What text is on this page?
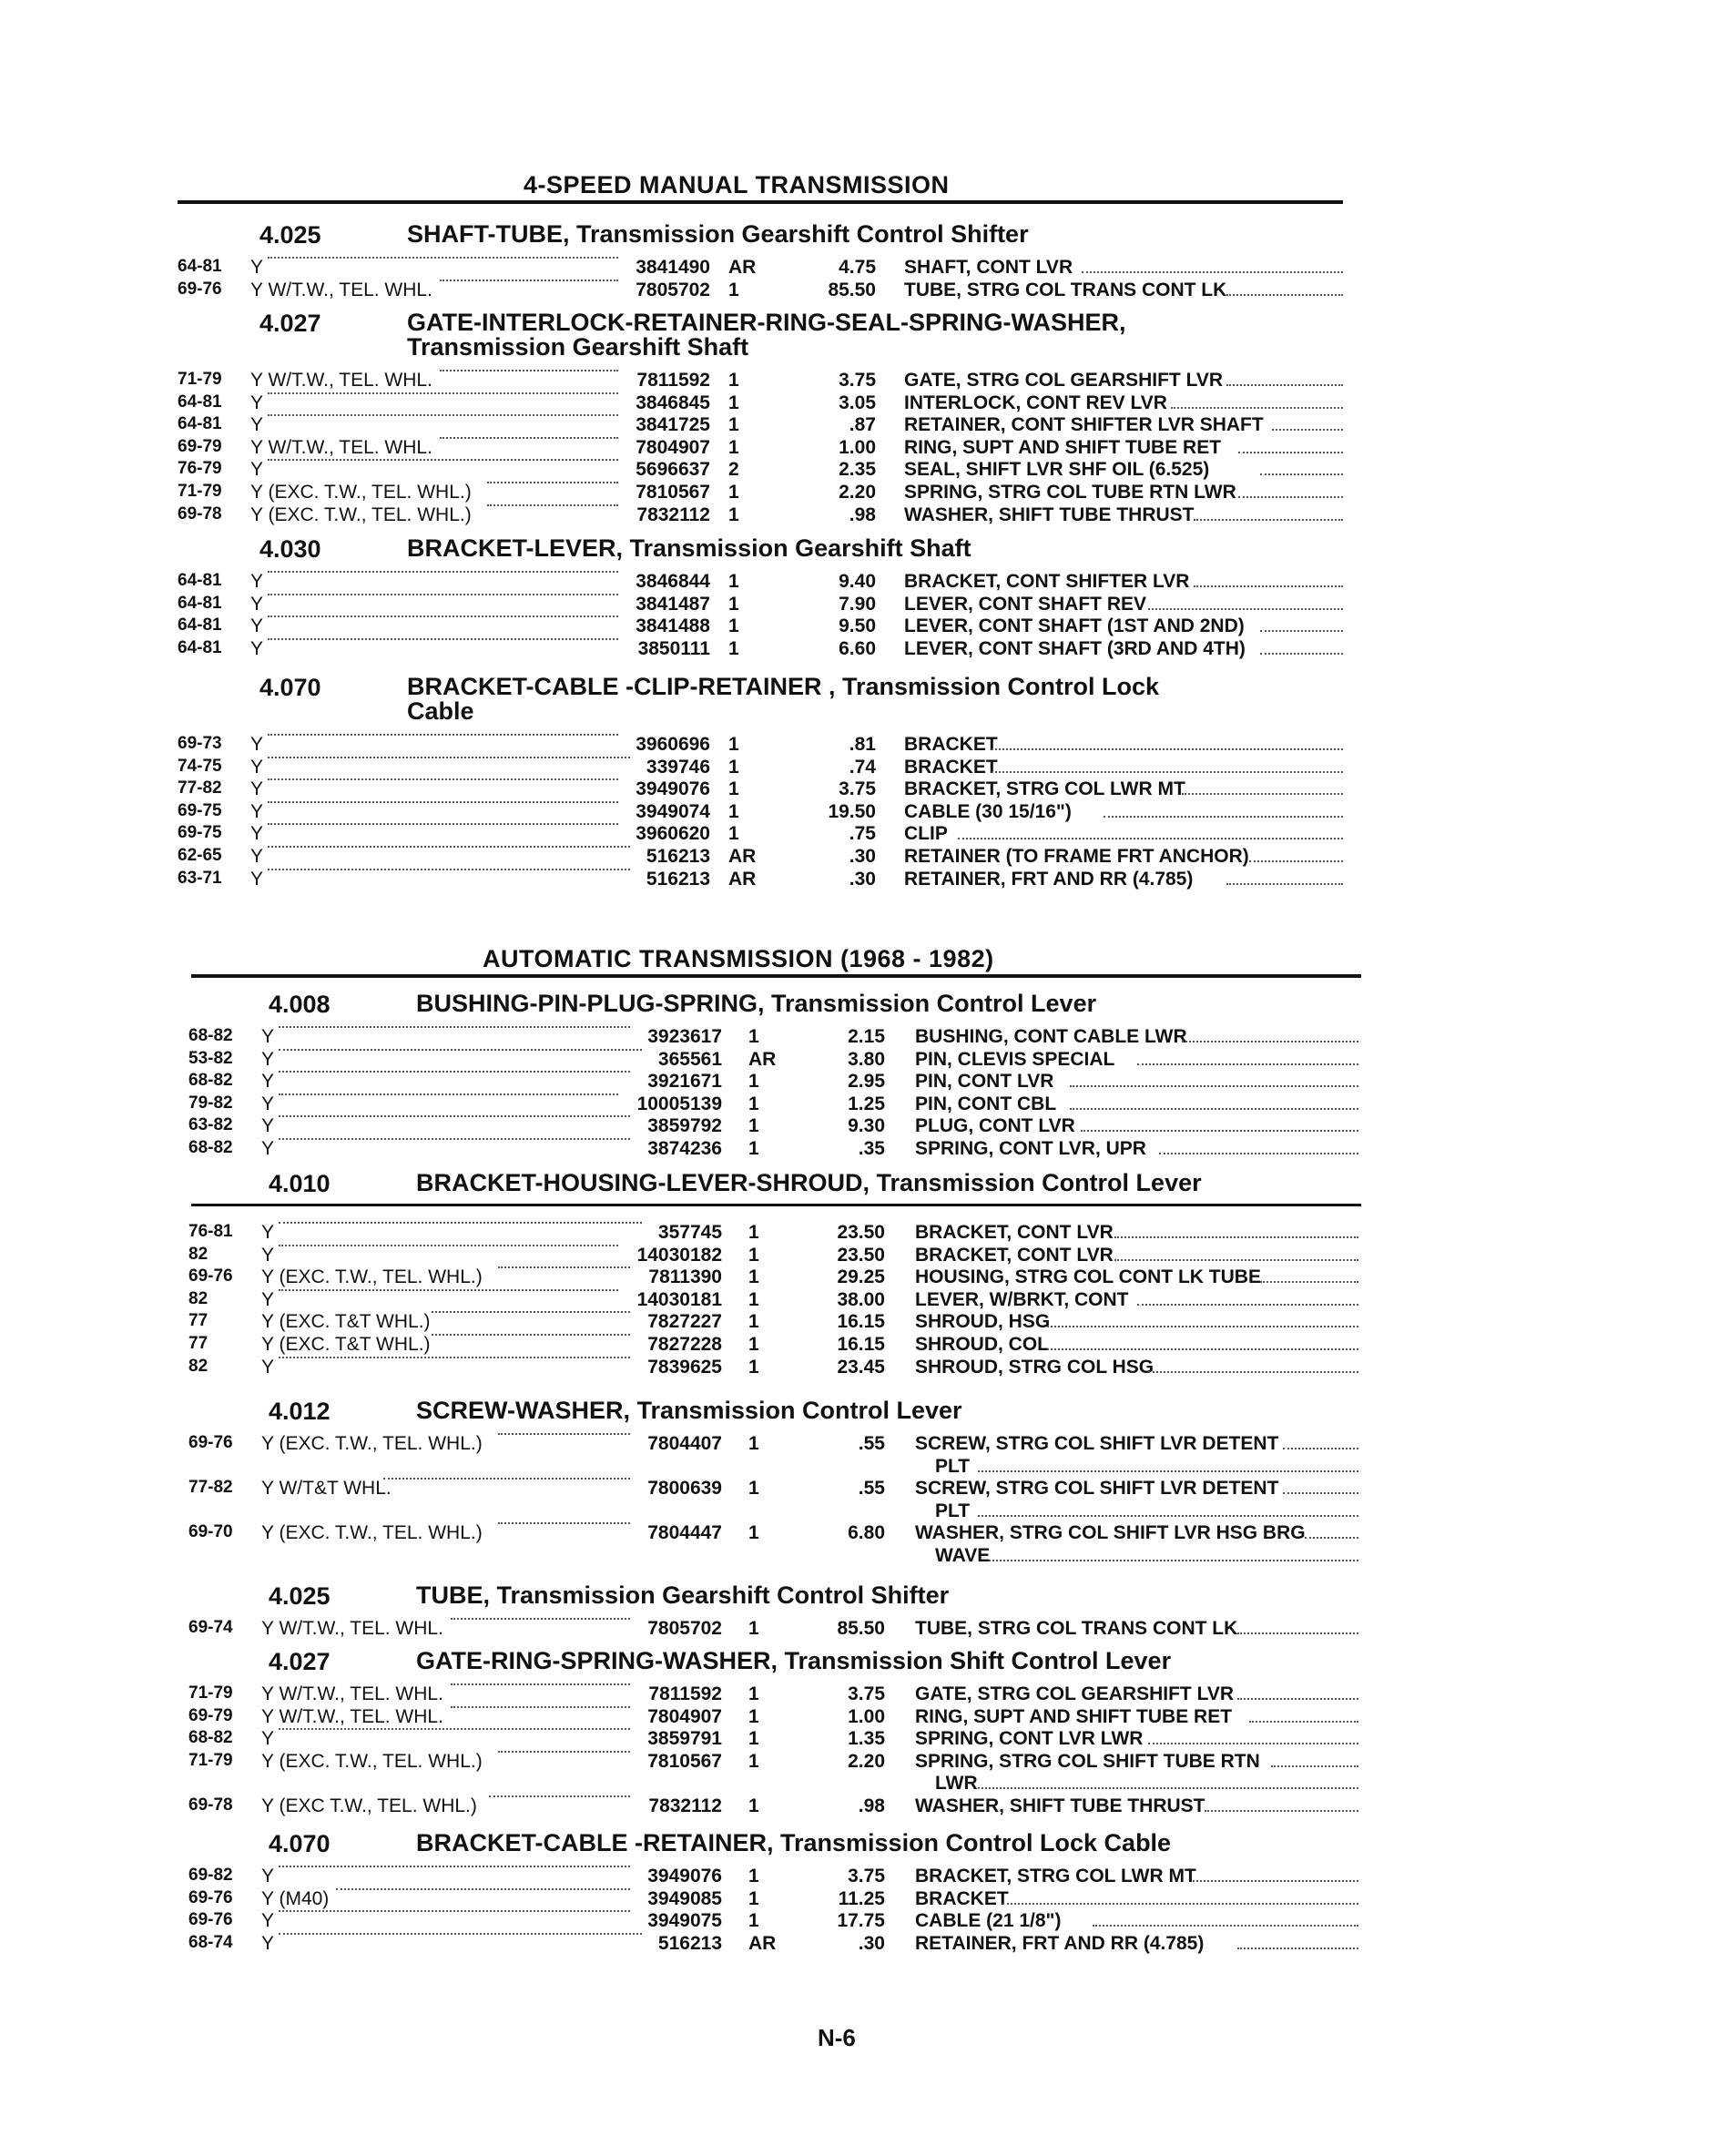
4-SPEED MANUAL TRANSMISSION
4.025	SHAFT-TUBE, Transmission Gearshift Control Shifter
64-81	Y	3841490 AR	4.75 SHAFT, CONT LVR
69-76	Y W/T.W., TEL. WHL.	7805702 1	85.50 TUBE, STRG COL TRANS CONT LK
4.027	GATE-INTERLOCK-RETAINER-RING-SEAL-SPRING-WASHER,
Transmission Gearshift Shaft
71-79	Y W/T.W., TEL. WHL.	7811592 1	3.75 GATE, STRG COL GEARSHIFT LVR
64-81	Y	3846845 1	3.05 INTERLOCK, CONT REV LVR
64-81	Y	3841725 1	.87 RETAINER, CONT SHIFTER LVR SHAFT
69-79	Y W/T.W., TEL. WHL.	7804907 1	1.00 RING, SUPT AND SHIFT TUBE RET
76-79	Y	5696637 2	2.35 SEAL, SHIFT LVR SHF OIL (6.525)
71-79	Y (EXC. T.W., TEL. WHL.)	7810567 1	2.20 SPRING, STRG COL TUBE RTN LWR
69-78	Y (EXC. T.W., TEL. WHL.)	7832112 1	.98 WASHER, SHIFT TUBE THRUST
4.030	BRACKET-LEVER, Transmission Gearshift Shaft
64-81	Y	3846844 1	9.40 BRACKET, CONT SHIFTER LVR
64-81	Y	3841487 1	7.90 LEVER, CONT SHAFT REV
64-81	Y	3841488 1	9.50 LEVER, CONT SHAFT (1ST AND 2ND)
64-81	Y	3850111 1	6.60 LEVER, CONT SHAFT (3RD AND 4TH)
4.070	BRACKET-CABLE -CLIP-RETAINER , Transmission Control Lock
Cable
69-73	Y	3960696 1	.81 BRACKET
74-75	Y	339746 1	.74 BRACKET
77-82	Y	3949076 1	3.75 BRACKET, STRG COL LWR MT
69-75	Y	3949074 1	19.50 CABLE (30 15/16")
69-75	Y	3960620 1	.75 CLIP
62-65	Y	516213 AR	.30 RETAINER (TO FRAME FRT ANCHOR)
63-71	Y	516213 AR	.30 RETAINER, FRT AND RR (4.785)
AUTOMATIC TRANSMISSION (1968 - 1982)
4.008	BUSHING-PIN-PLUG-SPRING, Transmission Control Lever
68-82	Y	3923617 1	2.15 BUSHING, CONT CABLE LWR
53-82	Y	365561 AR	3.80 PIN, CLEVIS SPECIAL
68-82	Y	3921671 1	2.95 PIN, CONT LVR
79-82	Y	10005139 1	1.25 PIN, CONT CBL
63-82	Y	3859792 1	9.30 PLUG, CONT LVR
68-82	Y	3874236 1	.35 SPRING, CONT LVR, UPR
4.010	BRACKET-HOUSING-LEVER-SHROUD, Transmission Control Lever
76-81	Y	357745 1	23.50 BRACKET, CONT LVR
82	Y	14030182 1	23.50 BRACKET, CONT LVR
69-76	Y (EXC. T.W., TEL. WHL.)	7811390 1	29.25 HOUSING, STRG COL CONT LK TUBE
82	Y	14030181 1	38.00 LEVER, W/BRKT, CONT
77	Y (EXC. T&T WHL.)	7827227 1	16.15 SHROUD, HSG
77	Y (EXC. T&T WHL.)	7827228 1	16.15 SHROUD, COL
82	Y	7839625 1	23.45 SHROUD, STRG COL HSG
4.012	SCREW-WASHER, Transmission Control Lever
69-76	Y (EXC. T.W., TEL. WHL.)	7804407 1	.55 SCREW, STRG COL SHIFT LVR DETENT
PLT
77-82	Y W/T&T WHL.	7800639 1	.55 SCREW, STRG COL SHIFT LVR DETENT
PLT
69-70	Y (EXC. T.W., TEL. WHL.)	7804447 1	6.80 WASHER, STRG COL SHIFT LVR HSG BRG
WAVE
4.025	TUBE, Transmission Gearshift Control Shifter
69-74	Y W/T.W., TEL. WHL.	7805702 1	85.50 TUBE, STRG COL TRANS CONT LK
4.027	GATE-RING-SPRING-WASHER, Transmission Shift Control Lever
71-79	Y W/T.W., TEL. WHL.	7811592 1	3.75 GATE, STRG COL GEARSHIFT LVR
69-79	Y W/T.W., TEL. WHL.	7804907 1	1.00 RING, SUPT AND SHIFT TUBE RET
68-82	Y	3859791 1	1.35 SPRING, CONT LVR LWR
71-79	Y (EXC. T.W., TEL. WHL.)	7810567 1	2.20 SPRING, STRG COL SHIFT TUBE RTN
LWR
69-78	Y (EXC T.W., TEL. WHL.)	7832112 1	.98 WASHER, SHIFT TUBE THRUST
4.070	BRACKET-CABLE -RETAINER, Transmission Control Lock Cable
69-82	Y	3949076 1	3.75 BRACKET, STRG COL LWR MT
69-76	Y (M40)	3949085 1	11.25 BRACKET
69-76	Y	3949075 1	17.75 CABLE (21 1/8")
68-74	Y	516213 AR	.30 RETAINER, FRT AND RR (4.785)
N-6
